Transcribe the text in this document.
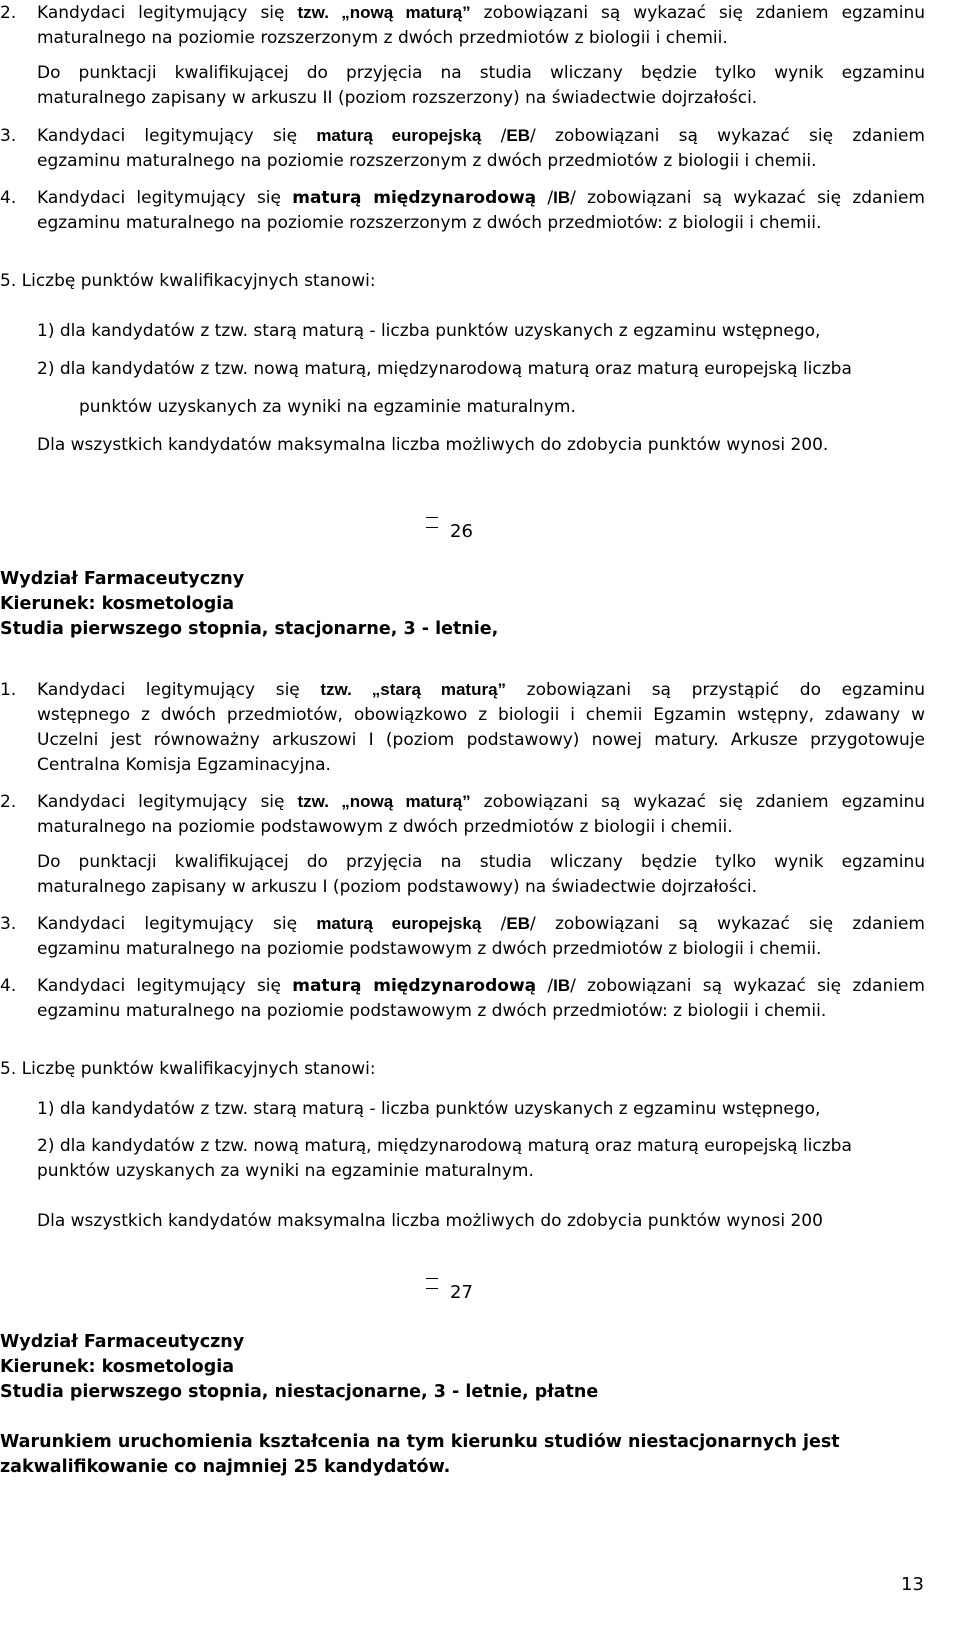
2. Kandydaci legitymujący się tzw. „nową maturą” zobowiązani są wykazać się zdaniem egzaminu
maturalnego na poziomie rozszerzonym z dwóch przedmiotów z biologii i chemii.
Do punktacji kwalifikującej do przyjęcia na studia wliczany będzie tylko wynik egzaminu
maturalnego zapisany w arkuszu II (poziom rozszerzony) na świadectwie dojrzałości.
3. Kandydaci legitymujący się maturą europejską /EB/ zobowiązani są wykazać się zdaniem
egzaminu maturalnego na poziomie rozszerzonym z dwóch przedmiotów z biologii i chemii.
4. Kandydaci legitymujący się maturą międzynarodową /IB/ zobowiązani są wykazać się zdaniem
egzaminu maturalnego na poziomie rozszerzonym z dwóch przedmiotów: z biologii i chemii.
5. Liczbę punktów kwalifikacyjnych stanowi:
1) dla kandydatów z tzw. starą maturą - liczba punktów uzyskanych z egzaminu wstępnego,
2) dla kandydatów z tzw. nową maturą, międzynarodową maturą oraz maturą europejską liczba
punktów uzyskanych za wyniki na egzaminie maturalnym.
Dla wszystkich kandydatów maksymalna liczba możliwych do zdobycia punktów wynosi 200.
26
Wydział Farmaceutyczny
Kierunek: kosmetologia
Studia pierwszego stopnia, stacjonarne, 3 - letnie,
1. Kandydaci legitymujący się tzw. „starą maturą” zobowiązani są przystąpić do egzaminu
wstępnego z dwóch przedmiotów, obowiązkowo z biologii i chemii Egzamin wstępny, zdawany w
Uczelni jest równoważny arkuszowi I (poziom podstawowy) nowej matury. Arkusze przygotowuje
Centralna Komisja Egzaminacyjna.
2. Kandydaci legitymujący się tzw. „nową maturą” zobowiązani są wykazać się zdaniem egzaminu
maturalnego na poziomie podstawowym z dwóch przedmiotów z biologii i chemii.
Do punktacji kwalifikującej do przyjęcia na studia wliczany będzie tylko wynik egzaminu
maturalnego zapisany w arkuszu I (poziom podstawowy) na świadectwie dojrzałości.
3. Kandydaci legitymujący się maturą europejską /EB/ zobowiązani są wykazać się zdaniem
egzaminu maturalnego na poziomie podstawowym z dwóch przedmiotów z biologii i chemii.
4. Kandydaci legitymujący się maturą międzynarodową /IB/ zobowiązani są wykazać się zdaniem
egzaminu maturalnego na poziomie podstawowym z dwóch przedmiotów: z biologii i chemii.
5. Liczbę punktów kwalifikacyjnych stanowi:
1) dla kandydatów z tzw. starą maturą - liczba punktów uzyskanych z egzaminu wstępnego,
2) dla kandydatów z tzw. nową maturą, międzynarodową maturą oraz maturą europejską liczba
punktów uzyskanych za wyniki na egzaminie maturalnym.
Dla wszystkich kandydatów maksymalna liczba możliwych do zdobycia punktów wynosi 200
27
Wydział Farmaceutyczny
Kierunek: kosmetologia
Studia pierwszego stopnia, niestacjonarne, 3 - letnie, płatne
Warunkiem uruchomienia kształcenia na tym kierunku studiów niestacjonarnych jest
zakwalifikowanie co najmniej 25 kandydatów.
13
